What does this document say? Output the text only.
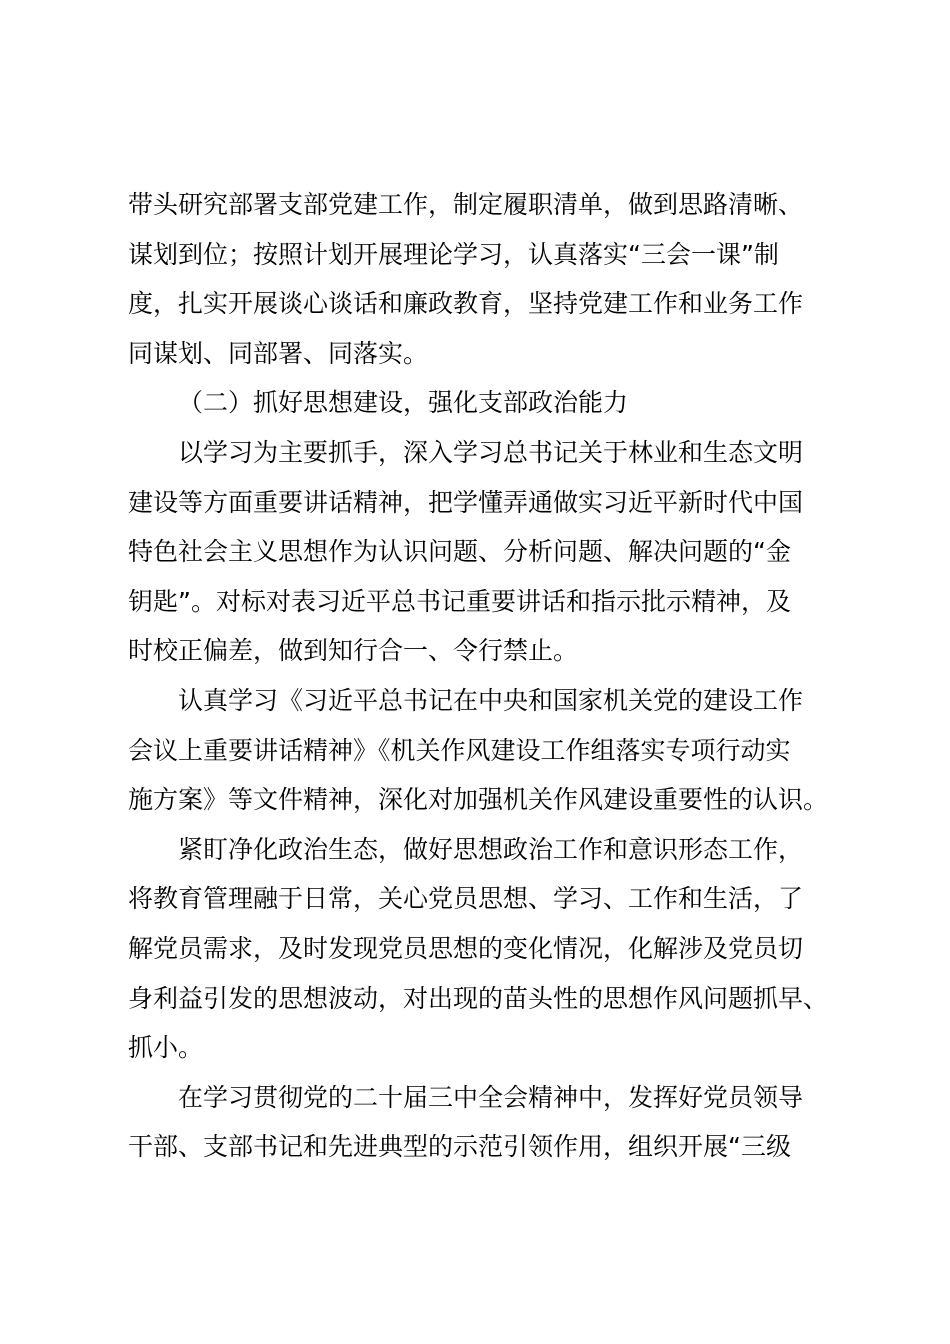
带头研究部署支部党建工作，制定履职清单，做到思路清晰、
谋划到位；按照计划开展理论学习，认真落实“三会一课”制
度，扎实开展谈心谈话和廉政教育，坚持党建工作和业务工作
同谋划、同部署、同落实。
（二）抓好思想建设，强化支部政治能力
以学习为主要抓手，深入学习总书记关于林业和生态文明
建设等方面重要讲话精神，把学懂弄通做实习近平新时代中国
特色社会主义思想作为认识问题、分析问题、解决问题的“金
钥匙”。对标对表习近平总书记重要讲话和指示批示精神，及
时校正偏差，做到知行合一、令行禁止。
认真学习《习近平总书记在中央和国家机关党的建设工作
会议上重要讲话精神》《机关作风建设工作组落实专项行动实
施方案》等文件精神，深化对加强机关作风建设重要性的认识。
紧盯净化政治生态，做好思想政治工作和意识形态工作，
将教育管理融于日常，关心党员思想、学习、工作和生活，了
解党员需求，及时发现党员思想的变化情况，化解涉及党员切
身利益引发的思想波动，对出现的苗头性的思想作风问题抓早、
抓小。
在学习贯彻党的二十届三中全会精神中，发挥好党员领导
干部、支部书记和先进典型的示范引领作用，组织开展“三级
